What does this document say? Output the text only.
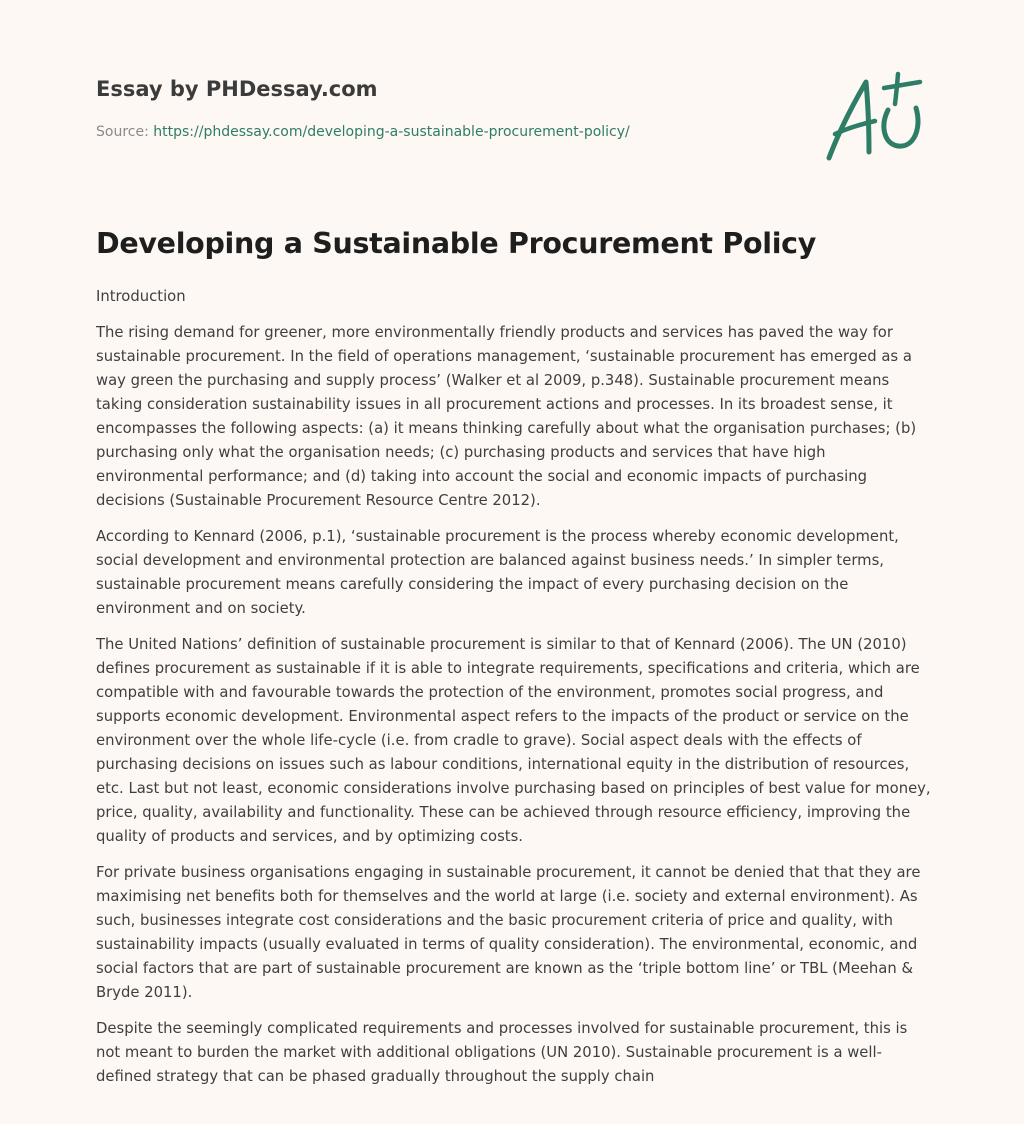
Essay by PHDessay.com
Source: https://phdessay.com/developing-a-sustainable-procurement-policy/
Developing a Sustainable Procurement Policy

Introduction

The rising demand for greener, more environmentally friendly products and services has paved the way for sustainable procurement. In the field of operations management, ‘sustainable procurement has emerged as a way green the purchasing and supply process’ (Walker et al 2009, p.348). Sustainable procurement means taking consideration sustainability issues in all procurement actions and processes. In its broadest sense, it encompasses the following aspects: (a) it means thinking carefully about what the organisation purchases; (b) purchasing only what the organisation needs; (c) purchasing products and services that have high environmental performance; and (d) taking into account the social and economic impacts of purchasing decisions (Sustainable Procurement Resource Centre 2012).

According to Kennard (2006, p.1), ‘sustainable procurement is the process whereby economic development, social development and environmental protection are balanced against business needs.’ In simpler terms, sustainable procurement means carefully considering the impact of every purchasing decision on the environment and on society.

The United Nations’ definition of sustainable procurement is similar to that of Kennard (2006). The UN (2010) defines procurement as sustainable if it is able to integrate requirements, specifications and criteria, which are compatible with and favourable towards the protection of the environment, promotes social progress, and supports economic development. Environmental aspect refers to the impacts of the product or service on the environment over the whole life-cycle (i.e. from cradle to grave). Social aspect deals with the effects of purchasing decisions on issues such as labour conditions, international equity in the distribution of resources, etc. Last but not least, economic considerations involve purchasing based on principles of best value for money, price, quality, availability and functionality. These can be achieved through resource efficiency, improving the quality of products and services, and by optimizing costs.

For private business organisations engaging in sustainable procurement, it cannot be denied that that they are maximising net benefits both for themselves and the world at large (i.e. society and external environment). As such, businesses integrate cost considerations and the basic procurement criteria of price and quality, with sustainability impacts (usually evaluated in terms of quality consideration). The environmental, economic, and social factors that are part of sustainable procurement are known as the ‘triple bottom line’ or TBL (Meehan & Bryde 2011).

Despite the seemingly complicated requirements and processes involved for sustainable procurement, this is not meant to burden the market with additional obligations (UN 2010). Sustainable procurement is a well-defined strategy that can be phased gradually throughout the supply chain
